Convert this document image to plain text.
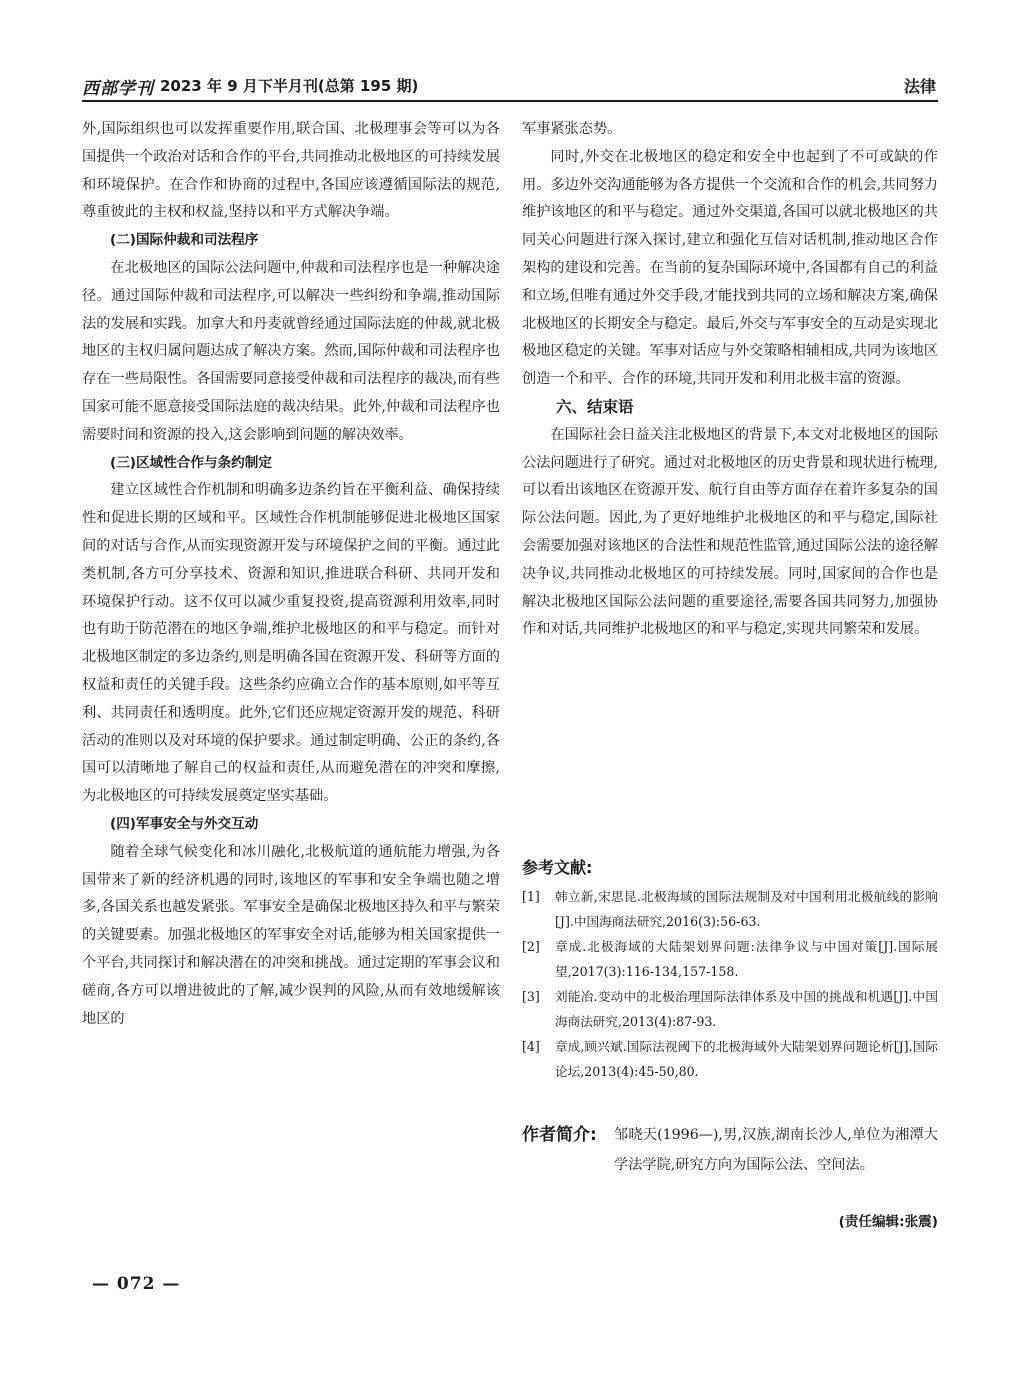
西部学刊 2023 年 9 月下半月刊(总第 195 期)	法律

外,国际组织也可以发挥重要作用,联合国、北极理事会等可以为各国提供一个政治对话和合作的平台,共同推动北极地区的可持续发展和环境保护。在合作和协商的过程中,各国应该遵循国际法的规范,尊重彼此的主权和权益,坚持以和平方式解决争端。

(二)国际仲裁和司法程序

在北极地区的国际公法问题中,仲裁和司法程序也是一种解决途径。通过国际仲裁和司法程序,可以解决一些纠纷和争端,推动国际法的发展和实践。加拿大和丹麦就曾经通过国际法庭的仲裁,就北极地区的主权归属问题达成了解决方案。然而,国际仲裁和司法程序也存在一些局限性。各国需要同意接受仲裁和司法程序的裁决,而有些国家可能不愿意接受国际法庭的裁决结果。此外,仲裁和司法程序也需要时间和资源的投入,这会影响到问题的解决效率。

(三)区域性合作与条约制定

建立区域性合作机制和明确多边条约旨在平衡利益、确保持续性和促进长期的区域和平。区域性合作机制能够促进北极地区国家间的对话与合作,从而实现资源开发与环境保护之间的平衡。通过此类机制,各方可分享技术、资源和知识,推进联合科研、共同开发和环境保护行动。这不仅可以减少重复投资,提高资源利用效率,同时也有助于防范潜在的地区争端,维护北极地区的和平与稳定。而针对北极地区制定的多边条约,则是明确各国在资源开发、科研等方面的权益和责任的关键手段。这些条约应确立合作的基本原则,如平等互利、共同责任和透明度。此外,它们还应规定资源开发的规范、科研活动的准则以及对环境的保护要求。通过制定明确、公正的条约,各国可以清晰地了解自己的权益和责任,从而避免潜在的冲突和摩擦,为北极地区的可持续发展奠定坚实基础。

(四)军事安全与外交互动

随着全球气候变化和冰川融化,北极航道的通航能力增强,为各国带来了新的经济机遇的同时,该地区的军事和安全争端也随之增多,各国关系也越发紧张。军事安全是确保北极地区持久和平与繁荣的关键要素。加强北极地区的军事安全对话,能够为相关国家提供一个平台,共同探讨和解决潜在的冲突和挑战。通过定期的军事会议和磋商,各方可以增进彼此的了解,减少误判的风险,从而有效地缓解该地区的

军事紧张态势。

同时,外交在北极地区的稳定和安全中也起到了不可或缺的作用。多边外交沟通能够为各方提供一个交流和合作的机会,共同努力维护该地区的和平与稳定。通过外交渠道,各国可以就北极地区的共同关心问题进行深入探讨,建立和强化互信对话机制,推动地区合作架构的建设和完善。在当前的复杂国际环境中,各国都有自己的利益和立场,但唯有通过外交手段,才能找到共同的立场和解决方案,确保北极地区的长期安全与稳定。最后,外交与军事安全的互动是实现北极地区稳定的关键。军事对话应与外交策略相辅相成,共同为该地区创造一个和平、合作的环境,共同开发和利用北极丰富的资源。

六、结束语

在国际社会日益关注北极地区的背景下,本文对北极地区的国际公法问题进行了研究。通过对北极地区的历史背景和现状进行梳理,可以看出该地区在资源开发、航行自由等方面存在着许多复杂的国际公法问题。因此,为了更好地维护北极地区的和平与稳定,国际社会需要加强对该地区的合法性和规范性监管,通过国际公法的途径解决争议,共同推动北极地区的可持续发展。同时,国家间的合作也是解决北极地区国际公法问题的重要途径,需要各国共同努力,加强协作和对话,共同维护北极地区的和平与稳定,实现共同繁荣和发展。

参考文献:
[1]	韩立新,宋思昆.北极海域的国际法规制及对中国利用北极航线的影响[J].中国海商法研究,2016(3):56-63.
[2]	章成.北极海域的大陆架划界问题:法律争议与中国对策[J].国际展望,2017(3):116-134,157-158.
[3]	刘能冶.变动中的北极治理国际法律体系及中国的挑战和机遇[J].中国海商法研究,2013(4):87-93.
[4]	章成,顾兴斌.国际法视阈下的北极海域外大陆架划界问题论析[J].国际论坛,2013(4):45-50,80.
作者简介:	邹晓天(1996—),男,汉族,湖南长沙人,单位为湘潭大学法学院,研究方向为国际公法、空间法。
(责任编辑:张震)
— 072 —
